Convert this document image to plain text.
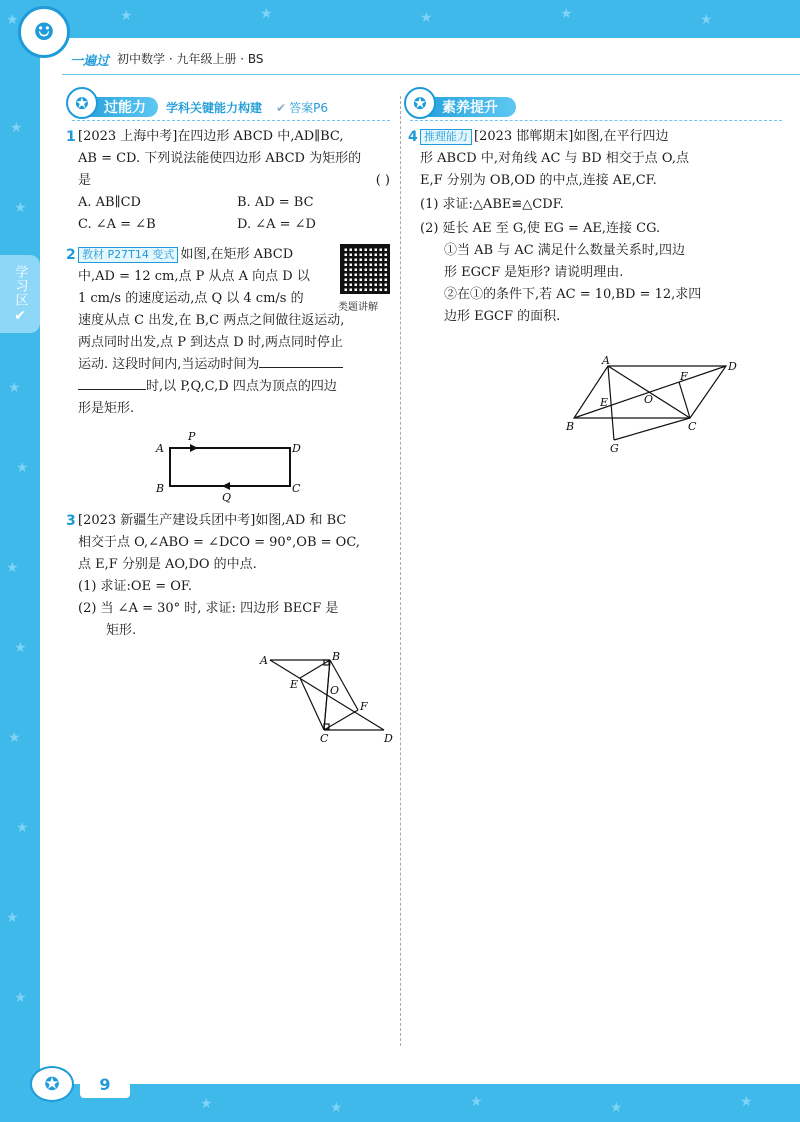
★	★	★	★	★	★
★
★
★
★
★
★
★
★
★
★
★	★	★	★	★
☻
一遍过 初中数学 · 九年级上册 · BS
学习区
✔
✪	过能力 学科关键能力构建 ✔ 答案P6	✪	素养提升
1 [2023 上海中考]在四边形 ABCD 中,AD∥BC,
AB = CD. 下列说法能使四边形 ABCD 为矩形的
是	( )
A. AB∥CD	B. AD = BC
C. ∠A = ∠B	D. ∠A = ∠D
2 教材 P27T14 变式 如图,在矩形 ABCD
中,AD = 12 cm,点 P 从点 A 向点 D 以
1 cm/s 的速度运动,点 Q 以 4 cm/s 的
速度从点 C 出发,在 B,C 两点之间做往返运动,
两点同时出发,点 P 到达点 D 时,两点同时停止
运动. 这段时间内,当运动时间为
时,以 P,Q,C,D 四点为顶点的四边
形是矩形.
类题讲解
A	D
B	C
P
Q
3 [2023 新疆生产建设兵团中考]如图,AD 和 BC
相交于点 O,∠ABO = ∠DCO = 90°,OB = OC,
点 E,F 分别是 AO,DO 的中点.
(1) 求证:OE = OF.
(2) 当 ∠A = 30° 时, 求证: 四边形 BECF 是
矩形.
A	B
E	O
F
C	D
4 推理能力 [2023 邯郸期末]如图,在平行四边
形 ABCD 中,对角线 AC 与 BD 相交于点 O,点
E,F 分别为 OB,OD 的中点,连接 AE,CF.
(1) 求证:△ABE≌△CDF.
(2) 延长 AE 至 G,使 EG = AE,连接 CG.
①当 AB 与 AC 满足什么数量关系时,四边
形 EGCF 是矩形? 请说明理由.
②在①的条件下,若 AC = 10,BD = 12,求四
边形 EGCF 的面积.
A	D
F
E	O
B	C
G
✪	9
